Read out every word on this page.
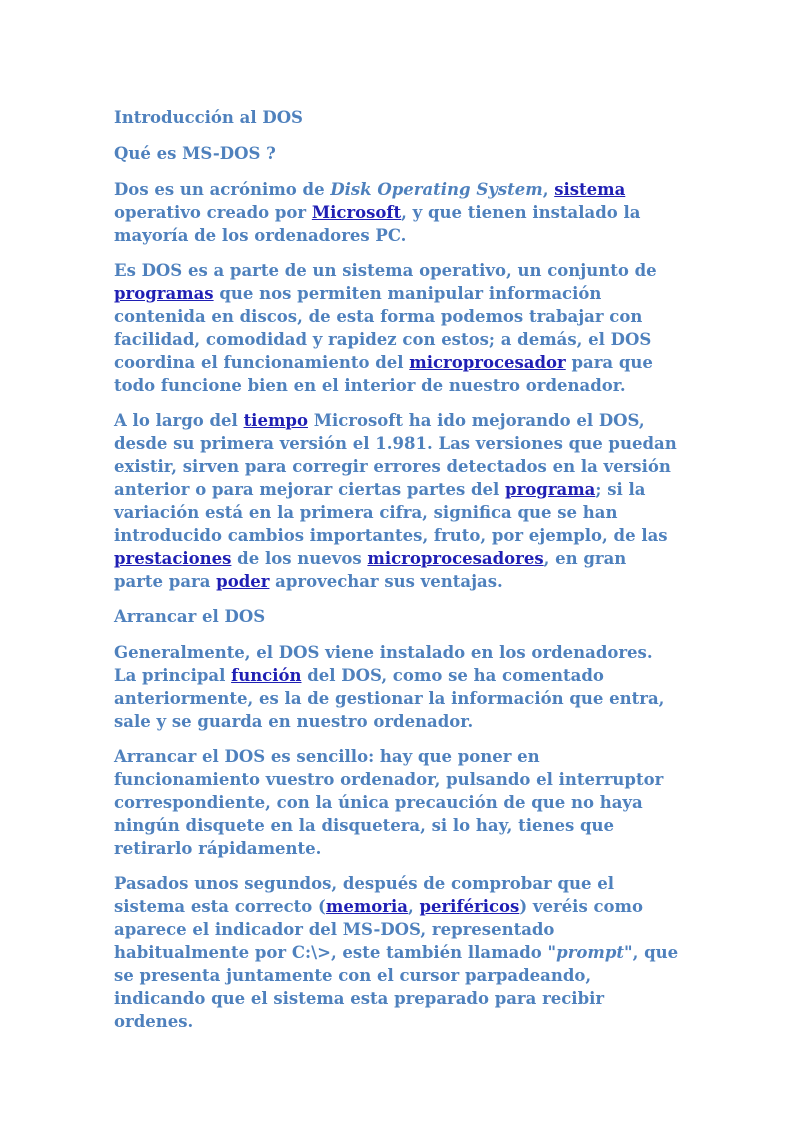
Introducción al DOS

Qué es MS-DOS ?

Dos es un acrónimo de Disk Operating System, sistema operativo creado por Microsoft, y que tienen instalado la mayoría de los ordenadores PC.

Es DOS es a parte de un sistema operativo, un conjunto de programas que nos permiten manipular información contenida en discos, de esta forma podemos trabajar con facilidad, comodidad y rapidez con estos; a demás, el DOS coordina el funcionamiento del microprocesador para que todo funcione bien en el interior de nuestro ordenador.

A lo largo del tiempo Microsoft ha ido mejorando el DOS, desde su primera versión el 1.981. Las versiones que puedan existir, sirven para corregir errores detectados en la versión anterior o para mejorar ciertas partes del programa; si la variación está en la primera cifra, significa que se han introducido cambios importantes, fruto, por ejemplo, de las prestaciones de los nuevos microprocesadores, en gran parte para poder aprovechar sus ventajas.

Arrancar el DOS

Generalmente, el DOS viene instalado en los ordenadores. La principal función del DOS, como se ha comentado anteriormente, es la de gestionar la información que entra, sale y se guarda en nuestro ordenador.

Arrancar el DOS es sencillo: hay que poner en funcionamiento vuestro ordenador, pulsando el interruptor correspondiente, con la única precaución de que no haya ningún disquete en la disquetera, si lo hay, tienes que retirarlo rápidamente.

Pasados unos segundos, después de comprobar que el sistema esta correcto (memoria, periféricos) veréis como aparece el indicador del MS-DOS, representado habitualmente por C:\>, este también llamado "prompt", que se presenta juntamente con el cursor parpadeando, indicando que el sistema esta preparado para recibir ordenes.
